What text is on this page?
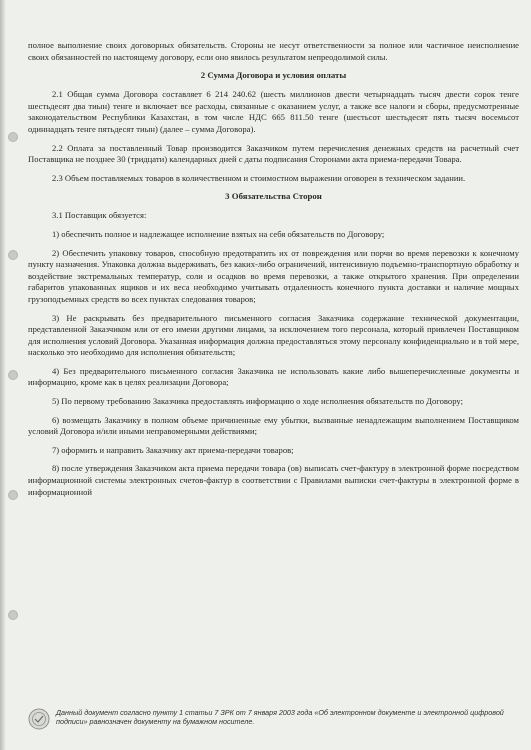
полное выполнение своих договорных обязательств. Стороны не несут ответственности за полное или частичное неисполнение своих обязанностей по настоящему договору, если оно явилось результатом непреодолимой силы.

2 Сумма Договора и условия оплаты

2.1 Общая сумма Договора составляет 6 214 240.62 (шесть миллионов двести четырнадцать тысяч двести сорок тенге шестьдесят два тиын) тенге и включает все расходы, связанные с оказанием услуг, а также все налоги и сборы, предусмотренные законодательством Республики Казахстан, в том числе НДС 665 811.50 тенге (шестьсот шестьдесят пять тысяч восемьсот одиннадцать тенге пятьдесят тиын) (далее – сумма Договора).

2.2 Оплата за поставленный Товар производится Заказчиком путем перечисления денежных средств на расчетный счет Поставщика не позднее 30 (тридцати) календарных дней с даты подписания Сторонами акта приема-передачи Товара.

2.3 Объем поставляемых товаров в количественном и стоимостном выражении оговорен в техническом задании.

3 Обязательства Сторон

3.1 Поставщик обязуется:

1) обеспечить полное и надлежащее исполнение взятых на себя обязательств по Договору;

2) Обеспечить упаковку товаров, способную предотвратить их от повреждения или порчи во время перевозки к конечному пункту назначения. Упаковка должна выдерживать, без каких-либо ограничений, интенсивную подъемно-транспортную обработку и воздействие экстремальных температур, соли и осадков во время перевозки, а также открытого хранения. При определении габаритов упакованных ящиков и их веса необходимо учитывать отдаленность конечного пункта доставки и наличие мощных грузоподъемных средств во всех пунктах следования товаров;

3) Не раскрывать без предварительного письменного согласия Заказчика содержание технической документации, представленной Заказчиком или от его имени другими лицами, за исключением того персонала, который привлечен Поставщиком для исполнения условий Договора. Указанная информация должна предоставляться этому персоналу конфиденциально и в той мере, насколько это необходимо для исполнения обязательств;

4) Без предварительного письменного согласия Заказчика не использовать какие либо вышеперечисленные документы и информацию, кроме как в целях реализации Договора;

5) По первому требованию Заказчика предоставлять информацию о ходе исполнения обязательств по Договору;

6) возмещать Заказчику в полном объеме причиненные ему убытки, вызванные ненадлежащим выполнением Поставщиком условий Договора и/или иными неправомерными действиями;

7) оформить и направить Заказчику акт приема-передачи товаров;

8) после утверждения Заказчиком акта приема передачи товара (ов) выписать счет-фактуру в электронной форме посредством информационной системы электронных счетов-фактур в соответствии с Правилами выписки счет-фактуры в электронной форме в информационной

Данный документ согласно пункту 1 статьи 7 ЗРК от 7 января 2003 года «Об электронном документе и электронной цифровой подписи» равнозначен документу на бумажном носителе.
